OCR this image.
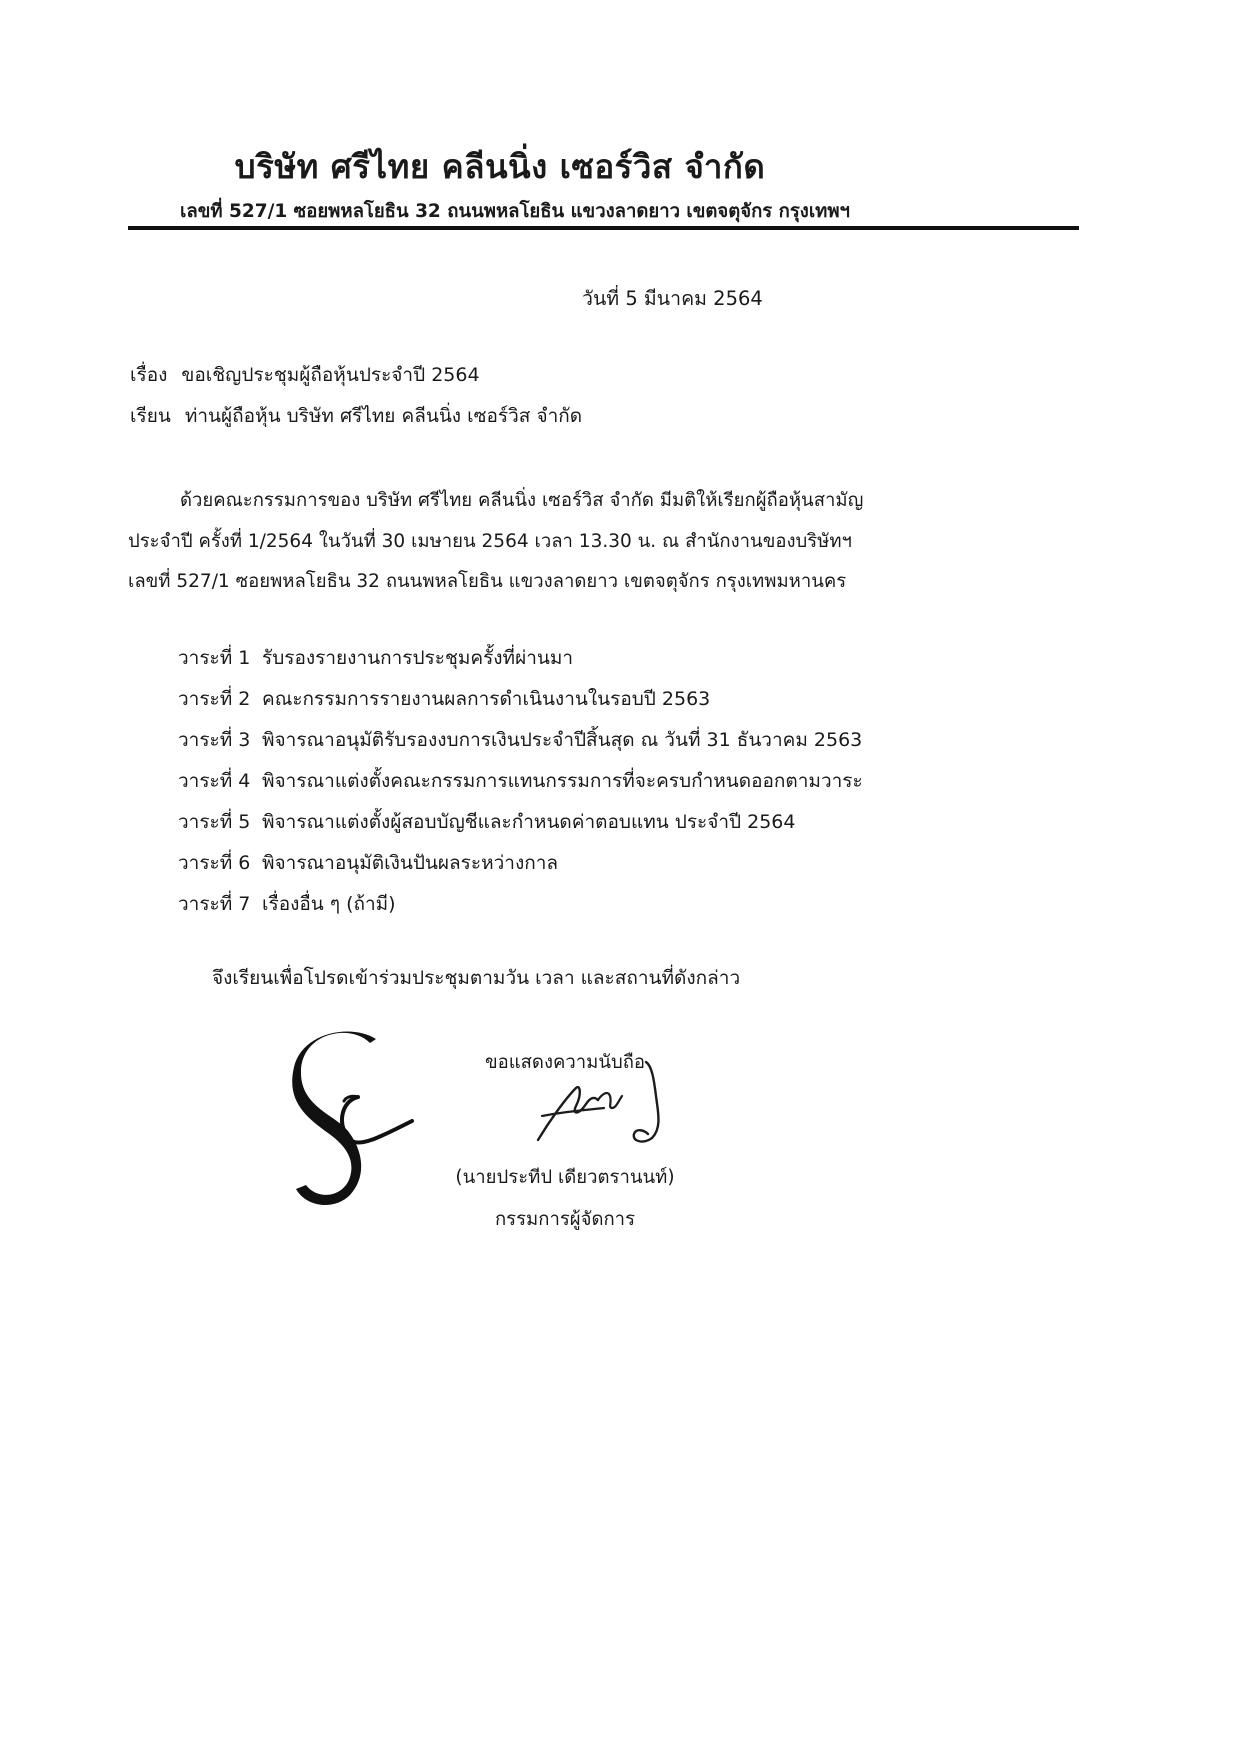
บริษัท ศรีไทย คลีนนิ่ง เซอร์วิส จำกัด
เลขที่ 527/1 ซอยพหลโยธิน 32 ถนนพหลโยธิน แขวงลาดยาว เขตจตุจักร กรุงเทพฯ
วันที่ 5 มีนาคม 2564
เรื่อง ขอเชิญประชุมผู้ถือหุ้นประจำปี 2564
เรียน ท่านผู้ถือหุ้น บริษัท ศรีไทย คลีนนิ่ง เซอร์วิส จำกัด
ด้วยคณะกรรมการของ บริษัท ศรีไทย คลีนนิ่ง เซอร์วิส จำกัด มีมติให้เรียกผู้ถือหุ้นสามัญ
ประจำปี ครั้งที่ 1/2564 ในวันที่ 30 เมษายน 2564 เวลา 13.30 น. ณ สำนักงานของบริษัทฯ
เลขที่ 527/1 ซอยพหลโยธิน 32 ถนนพหลโยธิน แขวงลาดยาว เขตจตุจักร กรุงเทพมหานคร
วาระที่ 1 รับรองรายงานการประชุมครั้งที่ผ่านมา
วาระที่ 2 คณะกรรมการรายงานผลการดำเนินงานในรอบปี 2563
วาระที่ 3 พิจารณาอนุมัติรับรองงบการเงินประจำปีสิ้นสุด ณ วันที่ 31 ธันวาคม 2563
วาระที่ 4 พิจารณาแต่งตั้งคณะกรรมการแทนกรรมการที่จะครบกำหนดออกตามวาระ
วาระที่ 5 พิจารณาแต่งตั้งผู้สอบบัญชีและกำหนดค่าตอบแทน ประจำปี 2564
วาระที่ 6 พิจารณาอนุมัติเงินปันผลระหว่างกาล
วาระที่ 7 เรื่องอื่น ๆ (ถ้ามี)
จึงเรียนเพื่อโปรดเข้าร่วมประชุมตามวัน เวลา และสถานที่ดังกล่าว
ขอแสดงความนับถือ
(นายประทีป เดียวตรานนท์)
กรรมการผู้จัดการ
